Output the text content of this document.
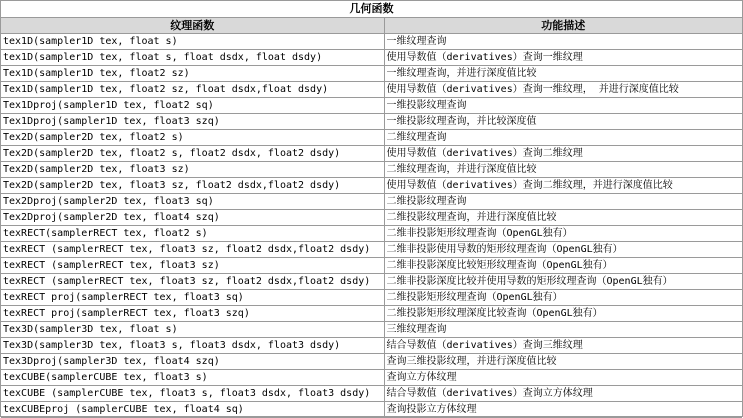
几何函数
纹理函数	功能描述
tex1D(sampler1D tex, float s)	一维纹理查询
tex1D(sampler1D tex, float s, float dsdx, float dsdy)	使用导数值（derivatives）查询一维纹理
Tex1D(sampler1D tex, float2 sz)	一维纹理查询，并进行深度值比较
Tex1D(sampler1D tex, float2 sz, float dsdx,float dsdy)	使用导数值（derivatives）查询一维纹理， 并进行深度值比较
Tex1Dproj(sampler1D tex, float2 sq)	一维投影纹理查询
Tex1Dproj(sampler1D tex, float3 szq)	一维投影纹理查询，并比较深度值
Tex2D(sampler2D tex, float2 s)	二维纹理查询
Tex2D(sampler2D tex, float2 s, float2 dsdx, float2 dsdy)	使用导数值（derivatives）查询二维纹理
Tex2D(sampler2D tex, float3 sz)	二维纹理查询，并进行深度值比较
Tex2D(sampler2D tex, float3 sz, float2 dsdx,float2 dsdy)	使用导数值（derivatives）查询二维纹理，并进行深度值比较
Tex2Dproj(sampler2D tex, float3 sq)	二维投影纹理查询
Tex2Dproj(sampler2D tex, float4 szq)	二维投影纹理查询，并进行深度值比较
texRECT(samplerRECT tex, float2 s)	二维非投影矩形纹理查询（OpenGL独有）
texRECT (samplerRECT tex, float3 sz, float2 dsdx,float2 dsdy)	二维非投影使用导数的矩形纹理查询（OpenGL独有）
texRECT (samplerRECT tex, float3 sz)	二维非投影深度比较矩形纹理查询（OpenGL独有）
texRECT (samplerRECT tex, float3 sz, float2 dsdx,float2 dsdy)	二维非投影深度比较并使用导数的矩形纹理查询（OpenGL独有）
texRECT proj(samplerRECT tex, float3 sq)	二维投影矩形纹理查询（OpenGL独有）
texRECT proj(samplerRECT tex, float3 szq)	二维投影矩形纹理深度比较查询（OpenGL独有）
Tex3D(sampler3D tex, float s)	三维纹理查询
Tex3D(sampler3D tex, float3 s, float3 dsdx, float3 dsdy)	结合导数值（derivatives）查询三维纹理
Tex3Dproj(sampler3D tex, float4 szq)	查询三维投影纹理，并进行深度值比较
texCUBE(samplerCUBE tex, float3 s)	查询立方体纹理
texCUBE (samplerCUBE tex, float3 s, float3 dsdx, float3 dsdy)	结合导数值（derivatives）查询立方体纹理
texCUBEproj (samplerCUBE tex, float4 sq)	查询投影立方体纹理
